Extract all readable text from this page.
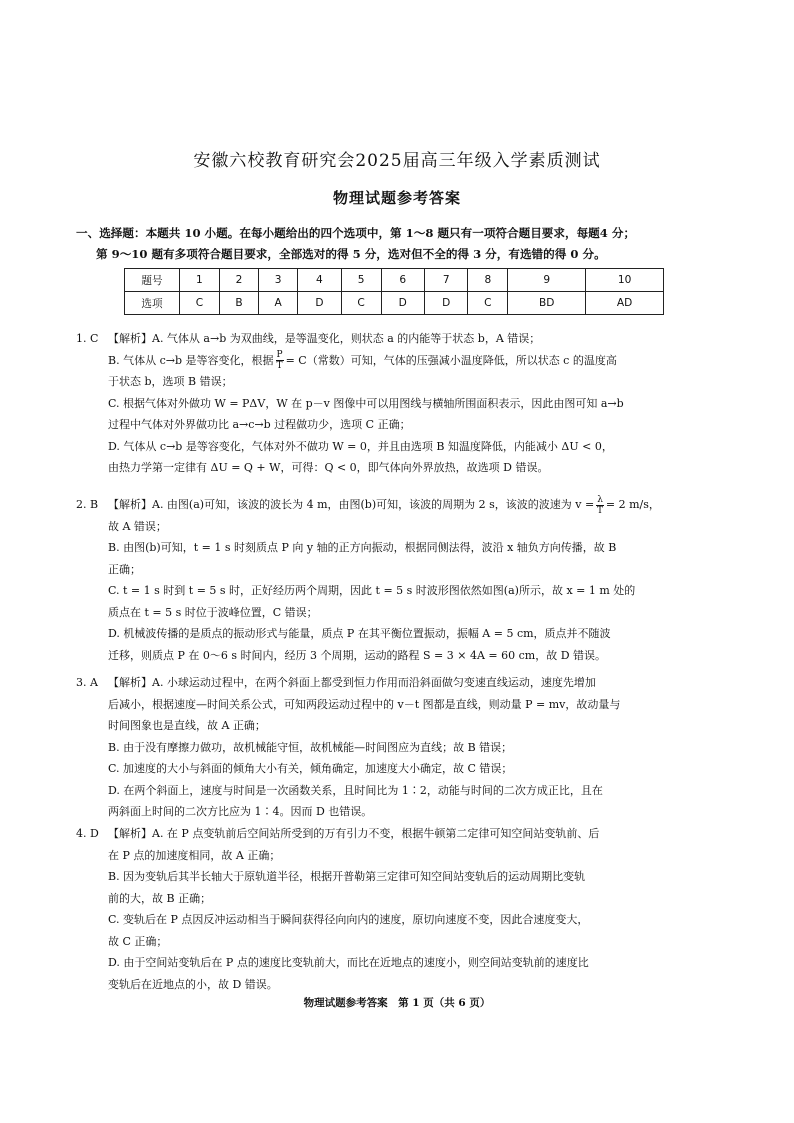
安徽六校教育研究会2025届高三年级入学素质测试
物理试题参考答案
一、选择题：本题共 10 小题。在每小题给出的四个选项中，第 1～8 题只有一项符合题目要求，每题4 分；
第 9～10 题有多项符合题目要求，全部选对的得 5 分，选对但不全的得 3 分，有选错的得 0 分。
题号	1	2	3	4	5	6	7	8	9	10
选项	C	B	A	D	C	D	D	C	BD	AD
1. C 【解析】A. 气体从 a→b 为双曲线，是等温变化，则状态 a 的内能等于状态 b，A 错误；
B. 气体从 c→b 是等容变化，根据 $\frac{P}{T} = C$（常数）可知，气体的压强减小温度降低，所以状态 c 的温度高
于状态 b，选项 B 错误；
C. 根据气体对外做功 W = PΔV，W 在 p－v 图像中可以用图线与横轴所围面积表示，因此由图可知 a→b
过程中气体对外界做功比 a→c→b 过程做功少，选项 C 正确；
D. 气体从 c→b 是等容变化，气体对外不做功 W = 0，并且由选项 B 知温度降低，内能减小 ΔU < 0，
由热力学第一定律有 ΔU = Q + W，可得：Q < 0，即气体向外界放热，故选项 D 错误。
2. B 【解析】A. 由图(a)可知，该波的波长为 4 m，由图(b)可知，该波的周期为 2 s，该波的波速为 $v = \frac{\lambda}{T} = 2$ m/s，
故 A 错误；
B. 由图(b)可知，t = 1 s 时刻质点 P 向 y 轴的正方向振动，根据同侧法得，波沿 x 轴负方向传播，故 B
正确；
C. t = 1 s 时到 t = 5 s 时，正好经历两个周期，因此 t = 5 s 时波形图依然如图(a)所示，故 x = 1 m 处的
质点在 t = 5 s 时位于波峰位置，C 错误；
D. 机械波传播的是质点的振动形式与能量，质点 P 在其平衡位置振动，振幅 A = 5 cm，质点并不随波
迁移，则质点 P 在 0～6 s 时间内，经历 3 个周期，运动的路程 S = 3 × 4A = 60 cm，故 D 错误。
3. A 【解析】A. 小球运动过程中，在两个斜面上都受到恒力作用而沿斜面做匀变速直线运动，速度先增加
后减小，根据速度—时间关系公式，可知两段运动过程中的 v－t 图都是直线，则动量 P = mv，故动量与
时间图象也是直线，故 A 正确；
B. 由于没有摩擦力做功，故机械能守恒，故机械能—时间图应为直线；故 B 错误；
C. 加速度的大小与斜面的倾角大小有关，倾角确定，加速度大小确定，故 C 错误；
D. 在两个斜面上，速度与时间是一次函数关系，且时间比为 1∶2，动能与时间的二次方成正比，且在
两斜面上时间的二次方比应为 1∶4。因而 D 也错误。
4. D 【解析】A. 在 P 点变轨前后空间站所受到的万有引力不变，根据牛顿第二定律可知空间站变轨前、后
在 P 点的加速度相同，故 A 正确；
B. 因为变轨后其半长轴大于原轨道半径，根据开普勒第三定律可知空间站变轨后的运动周期比变轨
前的大，故 B 正确；
C. 变轨后在 P 点因反冲运动相当于瞬间获得径向向内的速度，原切向速度不变，因此合速度变大，
故 C 正确；
D. 由于空间站变轨后在 P 点的速度比变轨前大，而比在近地点的速度小，则空间站变轨前的速度比
变轨后在近地点的小，故 D 错误。
物理试题参考答案　第 1 页（共 6 页）
